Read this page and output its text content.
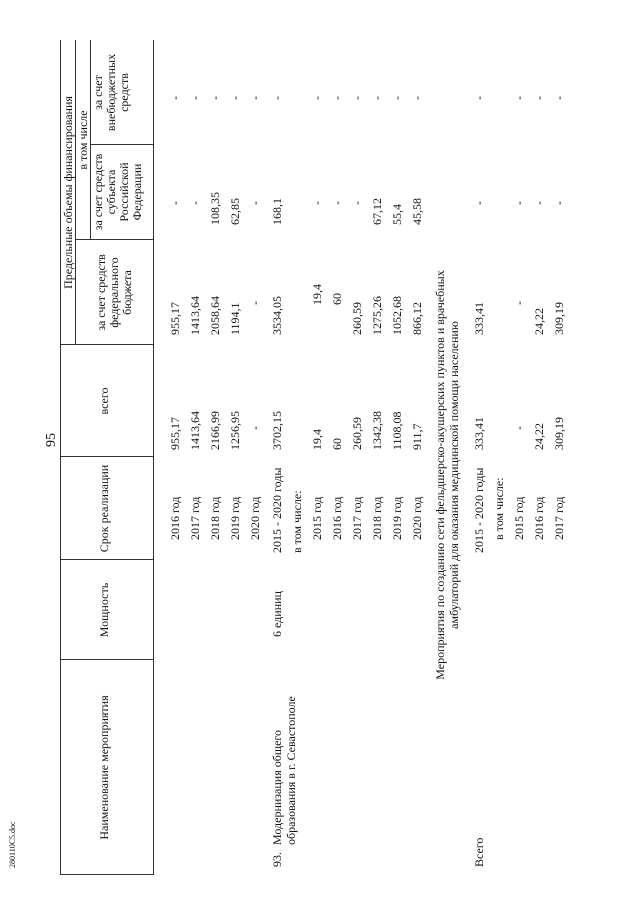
95
280110С5.doc
Наименование мероприятия
Мощность
Срок реализации
всего
Предельные объемы финансирования в том числе
за счет средств федерального бюджета
за счет средств субъекта Российской Федерации
за счет внебюджетных средств
2016 год
955,17
955,17
-
-
2017 год
1413,64
1413,64
-
-
2018 год
2166,99
2058,64
108,35
-
2019 год
1256,95
1194,1
62,85
-
2020 год
-
-
-
-
93.
Модернизация общего образования в г. Севастополе
6 единиц
2015 - 2020 годы
3702,15
3534,05
168,1
-
в том числе: 2015 год
19,4
19,4
-
-
2016 год
60
60
-
-
2017 год
260,59
260,59
-
-
2018 год
1342,38
1275,26
67,12
-
2019 год
1108,08
1052,68
55,4
-
2020 год
911,7
866,12
45,58
-
Мероприятия по созданию сети фельдшерско-акушерских пунктов и врачебных амбулаторий для оказания медицинской помощи населению
Всего
2015 - 2020 годы
333,41
333,41
-
-
в том числе: 2015 год
-
-
-
-
2016 год
24,22
24,22
-
-
2017 год
309,19
309,19
-
-
